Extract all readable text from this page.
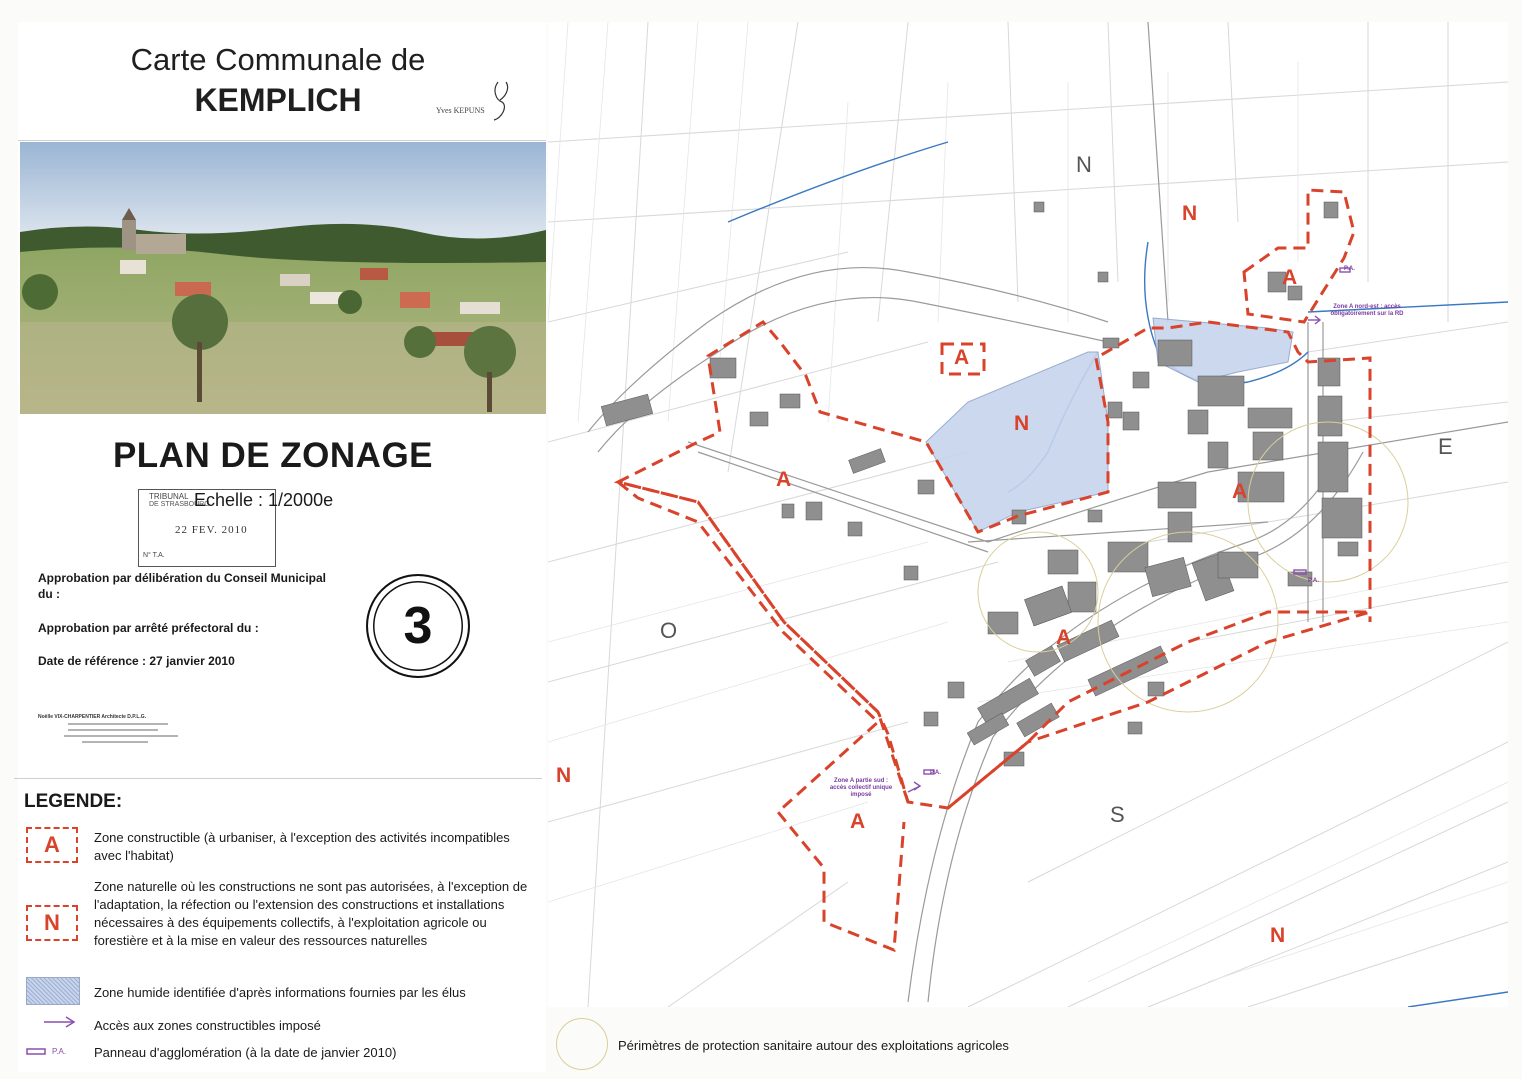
Carte Communale de
KEMPLICH	Yves KEPUNS
PLAN DE ZONAGE
TRIBUNAL
DE STRASBOURG
22 FEV. 2010
N° T.A.
Echelle : 1/2000e
Approbation par délibération du Conseil Municipal du :
Approbation par arrêté préfectoral du :
Date de référence : 27 janvier 2010
3
Noëlle VIX-CHARPENTIER Architecte D.P.L.G.
LEGENDE:
A	Zone constructible (à urbaniser, à l'exception des activités incompatibles avec l'habitat)
N
Zone naturelle où les constructions ne sont pas autorisées, à l'exception de l'adaptation, la réfection ou l'extension des constructions et installations nécessaires à des équipements collectifs, à l'exploitation agricole ou forestière et à la mise en valeur des ressources naturelles
Zone humide identifiée d'après informations fournies par les élus
Accès aux zones constructibles imposé
P.A. Panneau d'agglomération (à la date de janvier 2010)
A
A
A
A
A
A
N
N
N
N
N
S
E
O
Zone A nord-est : accès obligatoirement sur la RD
Zone A partie sud : accès collectif unique imposé
P.A.
P.A.
P.A.
Périmètres de protection sanitaire autour des exploitations agricoles
